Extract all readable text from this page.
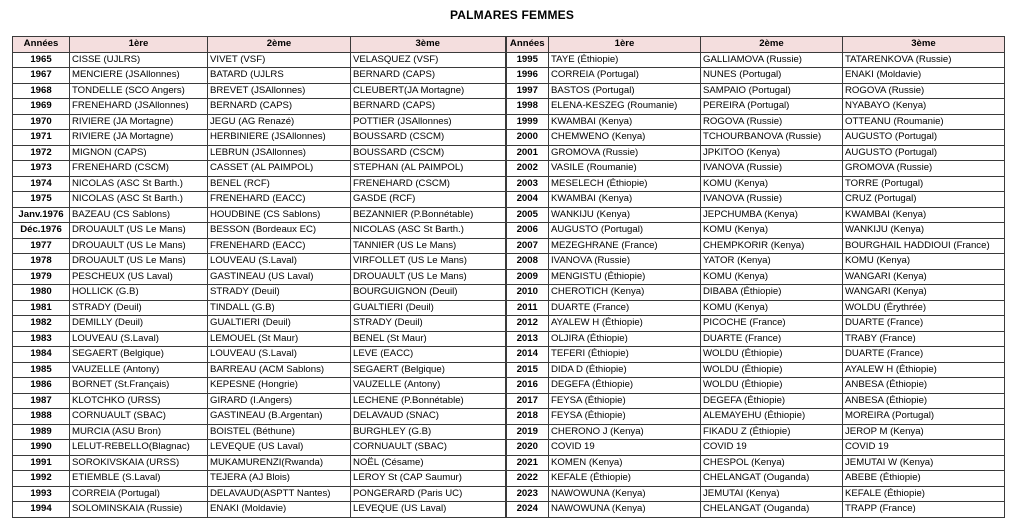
PALMARES FEMMES
Années	1ère	2ème	3ème	Années	1ère	2ème	3ème
1965	CISSE (UJLRS)	VIVET (VSF)	VELASQUEZ (VSF)	1995	TAYE (Éthiopie)	GALLIAMOVA (Russie)	TATARENKOVA (Russie)
1967	MENCIERE (JSAllonnes)	BATARD (UJLRS	BERNARD (CAPS)	1996	CORREIA (Portugal)	NUNES (Portugal)	ENAKI (Moldavie)
1968	TONDELLE (SCO Angers)	BREVET (JSAllonnes)	CLEUBERT(JA Mortagne)	1997	BASTOS (Portugal)	SAMPAIO (Portugal)	ROGOVA (Russie)
1969	FRENEHARD (JSAllonnes)	BERNARD (CAPS)	BERNARD (CAPS)	1998	ELENA-KESZEG (Roumanie)	PEREIRA (Portugal)	NYABAYO (Kenya)
1970	RIVIERE (JA Mortagne)	JEGU (AG Renazé)	POTTIER (JSAllonnes)	1999	KWAMBAI (Kenya)	ROGOVA (Russie)	OTTEANU (Roumanie)
1971	RIVIERE (JA Mortagne)	HERBINIERE (JSAllonnes)	BOUSSARD (CSCM)	2000	CHEMWENO (Kenya)	TCHOURBANOVA (Russie)	AUGUSTO (Portugal)
1972	MIGNON (CAPS)	LEBRUN (JSAllonnes)	BOUSSARD (CSCM)	2001	GROMOVA (Russie)	JPKITOO (Kenya)	AUGUSTO (Portugal)
1973	FRENEHARD (CSCM)	CASSET (AL PAIMPOL)	STEPHAN (AL PAIMPOL)	2002	VASILE (Roumanie)	IVANOVA (Russie)	GROMOVA (Russie)
1974	NICOLAS (ASC St Barth.)	BENEL (RCF)	FRENEHARD (CSCM)	2003	MESELECH (Éthiopie)	KOMU (Kenya)	TORRE (Portugal)
1975	NICOLAS (ASC St Barth.)	FRENEHARD (EACC)	GASDE (RCF)	2004	KWAMBAI (Kenya)	IVANOVA (Russie)	CRUZ (Portugal)
Janv.1976	BAZEAU (CS Sablons)	HOUDBINE (CS Sablons)	BEZANNIER (P.Bonnétable)	2005	WANKIJU (Kenya)	JEPCHUMBA (Kenya)	KWAMBAI (Kenya)
Déc.1976	DROUAULT (US Le Mans)	BESSON (Bordeaux EC)	NICOLAS (ASC St Barth.)	2006	AUGUSTO (Portugal)	KOMU (Kenya)	WANKIJU (Kenya)
1977	DROUAULT (US Le Mans)	FRENEHARD (EACC)	TANNIER (US Le Mans)	2007	MEZEGHRANE (France)	CHEMPKORIR (Kenya)	BOURGHAIL HADDIOUI (France)
1978	DROUAULT (US Le Mans)	LOUVEAU (S.Laval)	VIRFOLLET (US Le Mans)	2008	IVANOVA (Russie)	YATOR (Kenya)	KOMU (Kenya)
1979	PESCHEUX (US Laval)	GASTINEAU (US Laval)	DROUAULT (US Le Mans)	2009	MENGISTU (Éthiopie)	KOMU (Kenya)	WANGARI (Kenya)
1980	HOLLICK (G.B)	STRADY (Deuil)	BOURGUIGNON (Deuil)	2010	CHEROTICH (Kenya)	DIBABA (Éthiopie)	WANGARI (Kenya)
1981	STRADY (Deuil)	TINDALL (G.B)	GUALTIERI (Deuil)	2011	DUARTE (France)	KOMU (Kenya)	WOLDU (Érythrée)
1982	DEMILLY (Deuil)	GUALTIERI (Deuil)	STRADY (Deuil)	2012	AYALEW H (Éthiopie)	PICOCHE (France)	DUARTE (France)
1983	LOUVEAU (S.Laval)	LEMOUEL (St Maur)	BENEL (St Maur)	2013	OLJIRA (Éthiopie)	DUARTE (France)	TRABY (France)
1984	SEGAERT (Belgique)	LOUVEAU (S.Laval)	LEVE (EACC)	2014	TEFERI (Éthiopie)	WOLDU (Éthiopie)	DUARTE (France)
1985	VAUZELLE (Antony)	BARREAU (ACM Sablons)	SEGAERT (Belgique)	2015	DIDA D (Éthiopie)	WOLDU (Éthiopie)	AYALEW H (Éthiopie)
1986	BORNET (St.Français)	KEPESNE (Hongrie)	VAUZELLE (Antony)	2016	DEGEFA (Éthiopie)	WOLDU (Éthiopie)	ANBESA (Éthiopie)
1987	KLOTCHKO (URSS)	GIRARD (I.Angers)	LECHENE (P.Bonnétable)	2017	FEYSA (Éthiopie)	DEGEFA (Éthiopie)	ANBESA (Éthiopie)
1988	CORNUAULT (SBAC)	GASTINEAU (B.Argentan)	DELAVAUD (SNAC)	2018	FEYSA (Éthiopie)	ALEMAYEHU (Éthiopie)	MOREIRA (Portugal)
1989	MURCIA (ASU Bron)	BOISTEL (Béthune)	BURGHLEY (G.B)	2019	CHERONO J (Kenya)	FIKADU Z (Éthiopie)	JEROP M (Kenya)
1990	LELUT-REBELLO(Blagnac)	LEVEQUE (US Laval)	CORNUAULT (SBAC)	2020	COVID 19	COVID 19	COVID 19
1991	SOROKIVSKAIA (URSS)	MUKAMURENZI(Rwanda)	NOËL (Césame)	2021	KOMEN (Kenya)	CHESPOL (Kenya)	JEMUTAI W (Kenya)
1992	ETIEMBLE (S.Laval)	TEJERA (AJ Blois)	LEROY St (CAP Saumur)	2022	KEFALE (Éthiopie)	CHELANGAT (Ouganda)	ABEBE (Éthiopie)
1993	CORREIA (Portugal)	DELAVAUD(ASPTT Nantes)	PONGERARD (Paris UC)	2023	NAWOWUNA (Kenya)	JEMUTAI (Kenya)	KEFALE (Éthiopie)
1994	SOLOMINSKAIA (Russie)	ENAKI (Moldavie)	LEVEQUE (US Laval)	2024	NAWOWUNA (Kenya)	CHELANGAT (Ouganda)	TRAPP (France)
